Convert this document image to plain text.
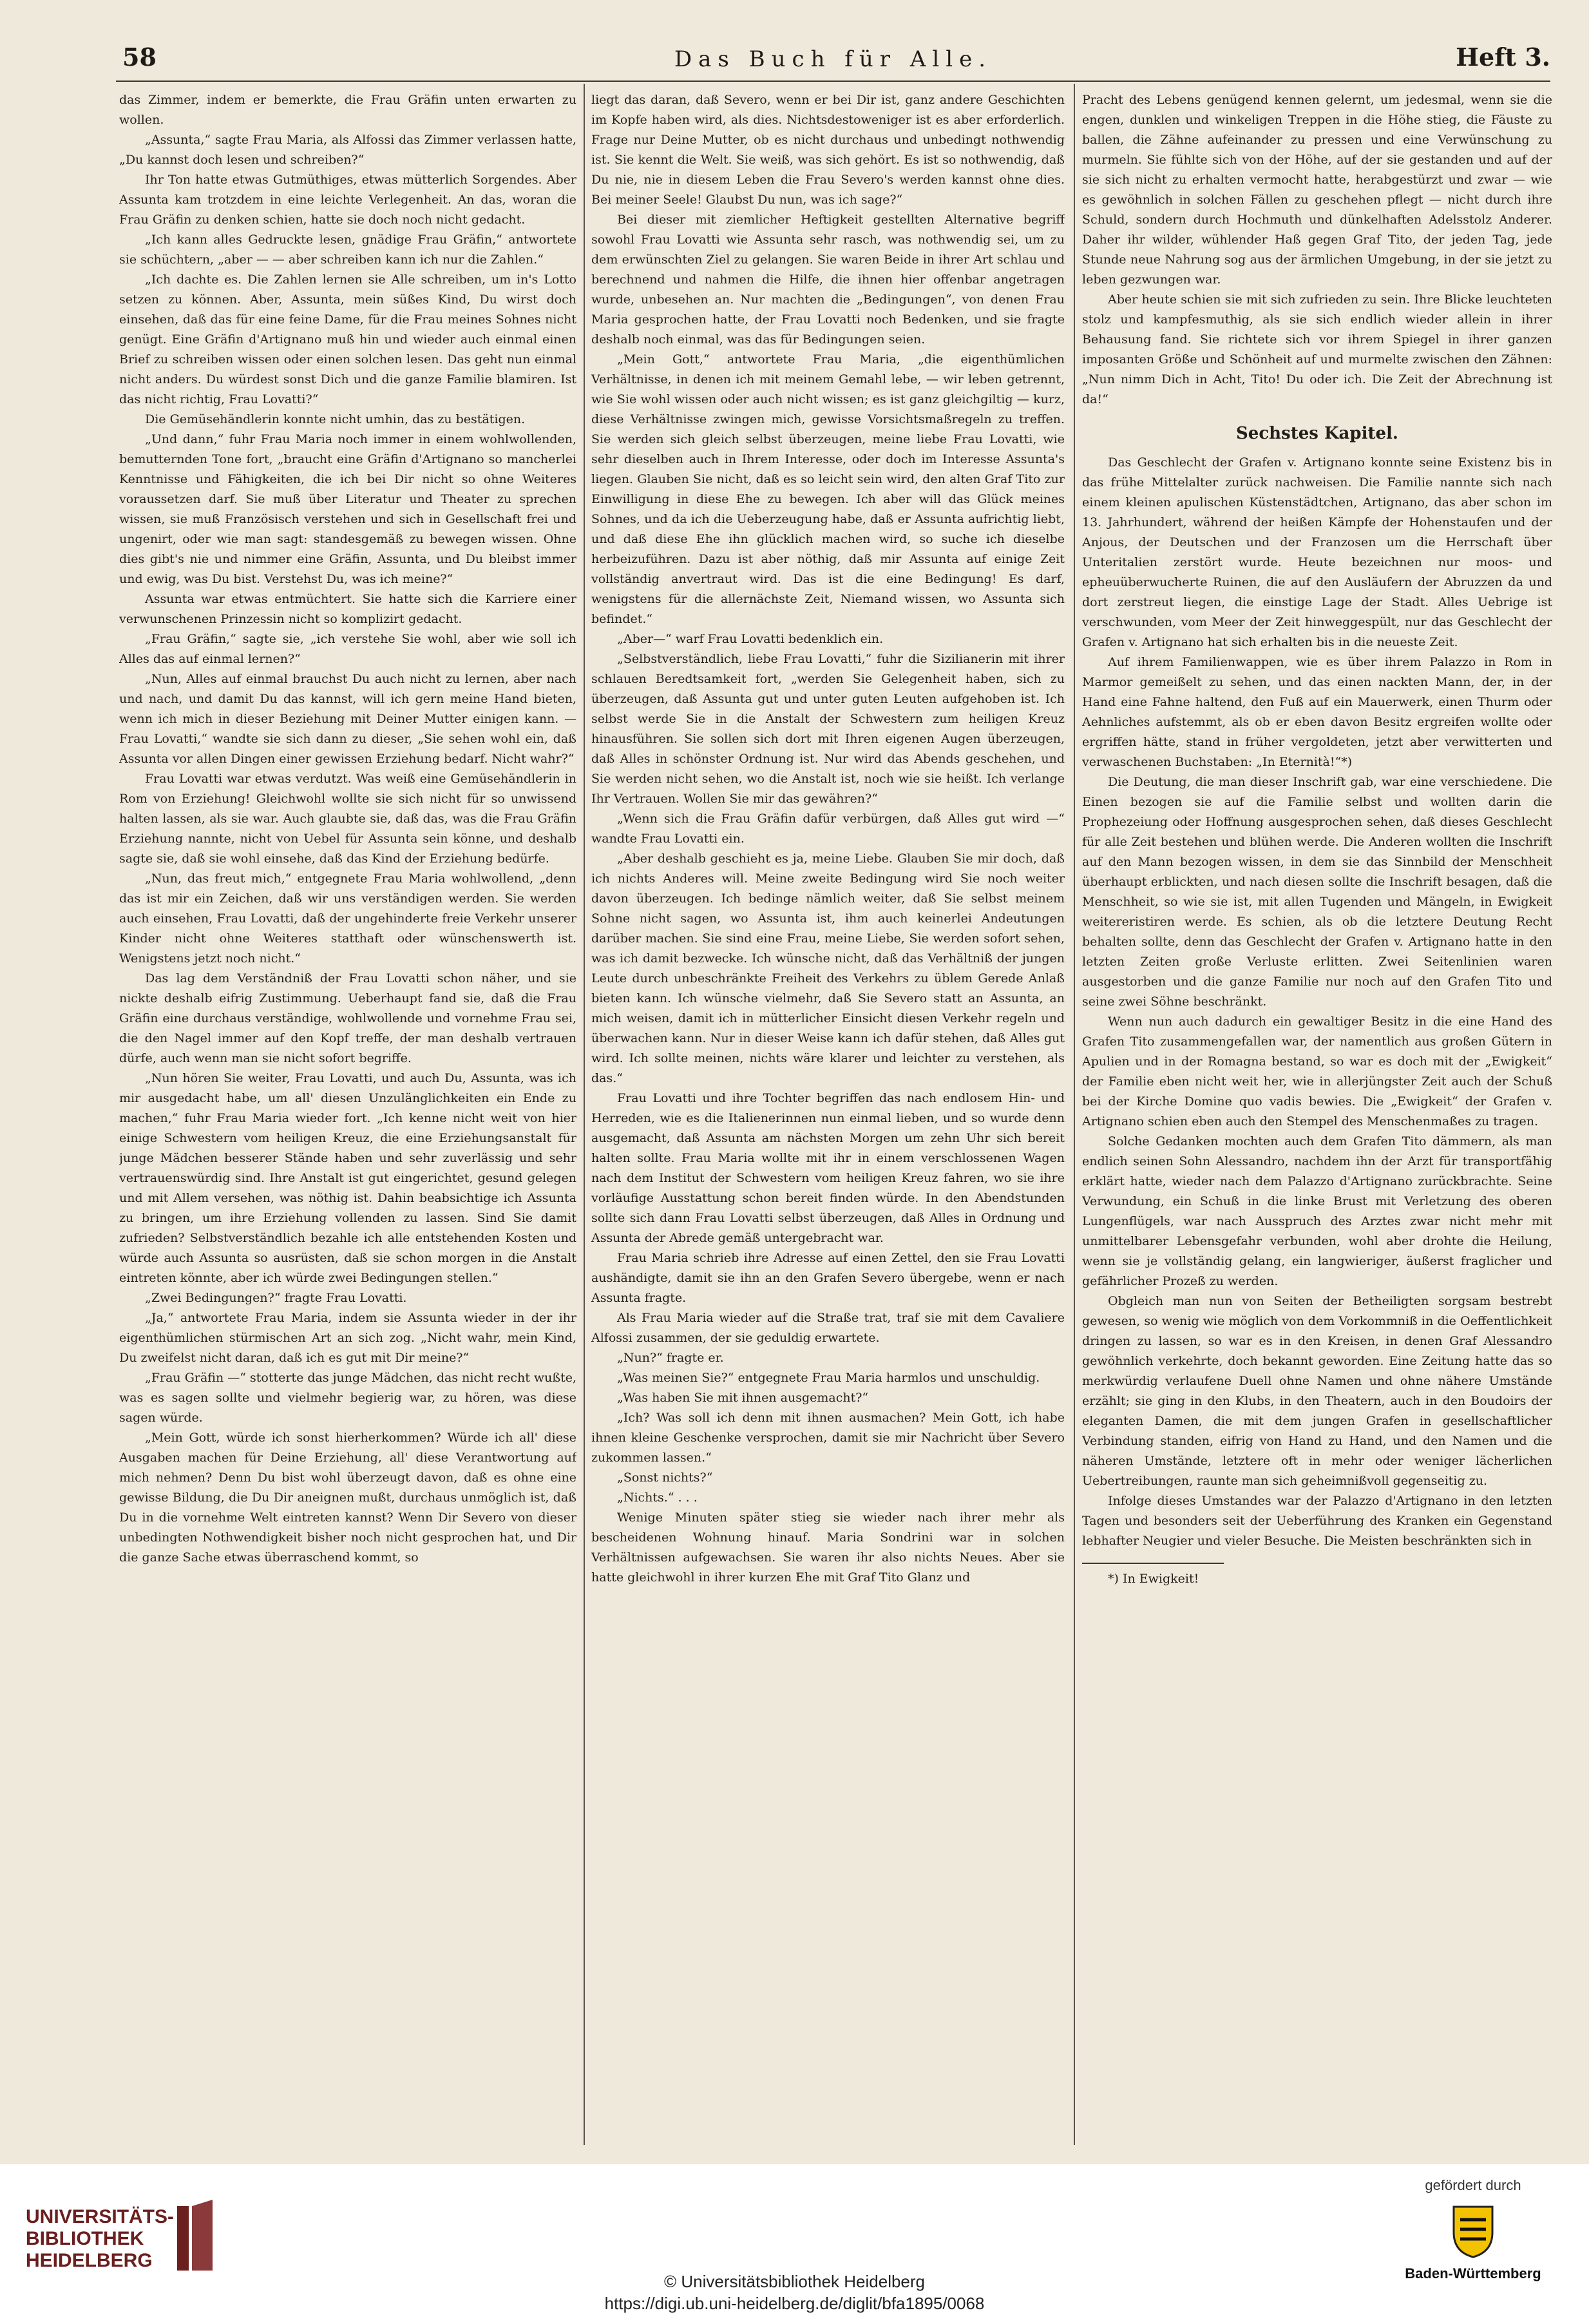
58	Das Buch für Alle.	Heft 3.

das Zimmer, indem er bemerkte, die Frau Gräfin unten erwarten zu wollen.

„Assunta,“ sagte Frau Maria, als Alfossi das Zimmer verlassen hatte, „Du kannst doch lesen und schreiben?“

Ihr Ton hatte etwas Gutmüthiges, etwas mütterlich Sorgendes. Aber Assunta kam trotzdem in eine leichte Verlegenheit. An das, woran die Frau Gräfin zu denken schien, hatte sie doch noch nicht gedacht.

„Ich kann alles Gedruckte lesen, gnädige Frau Gräfin,“ antwortete sie schüchtern, „aber — — aber schreiben kann ich nur die Zahlen.“

„Ich dachte es. Die Zahlen lernen sie Alle schreiben, um in's Lotto setzen zu können. Aber, Assunta, mein süßes Kind, Du wirst doch einsehen, daß das für eine feine Dame, für die Frau meines Sohnes nicht genügt. Eine Gräfin d'Artignano muß hin und wieder auch einmal einen Brief zu schreiben wissen oder einen solchen lesen. Das geht nun einmal nicht anders. Du würdest sonst Dich und die ganze Familie blamiren. Ist das nicht richtig, Frau Lovatti?“

Die Gemüsehändlerin konnte nicht umhin, das zu bestätigen.

„Und dann,“ fuhr Frau Maria noch immer in einem wohlwollenden, bemutternden Tone fort, „braucht eine Gräfin d'Artignano so mancherlei Kenntnisse und Fähigkeiten, die ich bei Dir nicht so ohne Weiteres voraussetzen darf. Sie muß über Literatur und Theater zu sprechen wissen, sie muß Französisch verstehen und sich in Gesellschaft frei und ungenirt, oder wie man sagt: standesgemäß zu bewegen wissen. Ohne dies gibt's nie und nimmer eine Gräfin, Assunta, und Du bleibst immer und ewig, was Du bist. Verstehst Du, was ich meine?“

Assunta war etwas entmüchtert. Sie hatte sich die Karriere einer verwunschenen Prinzessin nicht so komplizirt gedacht.

„Frau Gräfin,“ sagte sie, „ich verstehe Sie wohl, aber wie soll ich Alles das auf einmal lernen?“

„Nun, Alles auf einmal brauchst Du auch nicht zu lernen, aber nach und nach, und damit Du das kannst, will ich gern meine Hand bieten, wenn ich mich in dieser Beziehung mit Deiner Mutter einigen kann. — Frau Lovatti,“ wandte sie sich dann zu dieser, „Sie sehen wohl ein, daß Assunta vor allen Dingen einer gewissen Erziehung bedarf. Nicht wahr?“

Frau Lovatti war etwas verdutzt. Was weiß eine Gemüsehändlerin in Rom von Erziehung! Gleichwohl wollte sie sich nicht für so unwissend halten lassen, als sie war. Auch glaubte sie, daß das, was die Frau Gräfin Erziehung nannte, nicht von Uebel für Assunta sein könne, und deshalb sagte sie, daß sie wohl einsehe, daß das Kind der Erziehung bedürfe.

„Nun, das freut mich,“ entgegnete Frau Maria wohlwollend, „denn das ist mir ein Zeichen, daß wir uns verständigen werden. Sie werden auch einsehen, Frau Lovatti, daß der ungehinderte freie Verkehr unserer Kinder nicht ohne Weiteres statthaft oder wünschenswerth ist. Wenigstens jetzt noch nicht.“

Das lag dem Verständniß der Frau Lovatti schon näher, und sie nickte deshalb eifrig Zustimmung. Ueberhaupt fand sie, daß die Frau Gräfin eine durchaus verständige, wohlwollende und vornehme Frau sei, die den Nagel immer auf den Kopf treffe, der man deshalb vertrauen dürfe, auch wenn man sie nicht sofort begriffe.

„Nun hören Sie weiter, Frau Lovatti, und auch Du, Assunta, was ich mir ausgedacht habe, um all' diesen Unzulänglichkeiten ein Ende zu machen,“ fuhr Frau Maria wieder fort. „Ich kenne nicht weit von hier einige Schwestern vom heiligen Kreuz, die eine Erziehungsanstalt für junge Mädchen besserer Stände haben und sehr zuverlässig und sehr vertrauenswürdig sind. Ihre Anstalt ist gut eingerichtet, gesund gelegen und mit Allem versehen, was nöthig ist. Dahin beabsichtige ich Assunta zu bringen, um ihre Erziehung vollenden zu lassen. Sind Sie damit zufrieden? Selbstverständlich bezahle ich alle entstehenden Kosten und würde auch Assunta so ausrüsten, daß sie schon morgen in die Anstalt eintreten könnte, aber ich würde zwei Bedingungen stellen.“

„Zwei Bedingungen?“ fragte Frau Lovatti.

„Ja,“ antwortete Frau Maria, indem sie Assunta wieder in der ihr eigenthümlichen stürmischen Art an sich zog. „Nicht wahr, mein Kind, Du zweifelst nicht daran, daß ich es gut mit Dir meine?“

„Frau Gräfin —“ stotterte das junge Mädchen, das nicht recht wußte, was es sagen sollte und vielmehr begierig war, zu hören, was diese sagen würde.

„Mein Gott, würde ich sonst hierherkommen? Würde ich all' diese Ausgaben machen für Deine Erziehung, all' diese Verantwortung auf mich nehmen? Denn Du bist wohl überzeugt davon, daß es ohne eine gewisse Bildung, die Du Dir aneignen mußt, durchaus unmöglich ist, daß Du in die vornehme Welt eintreten kannst? Wenn Dir Severo von dieser unbedingten Nothwendigkeit bisher noch nicht gesprochen hat, und Dir die ganze Sache etwas überraschend kommt, so

liegt das daran, daß Severo, wenn er bei Dir ist, ganz andere Geschichten im Kopfe haben wird, als dies. Nichtsdestoweniger ist es aber erforderlich. Frage nur Deine Mutter, ob es nicht durchaus und unbedingt nothwendig ist. Sie kennt die Welt. Sie weiß, was sich gehört. Es ist so nothwendig, daß Du nie, nie in diesem Leben die Frau Severo's werden kannst ohne dies. Bei meiner Seele! Glaubst Du nun, was ich sage?“

Bei dieser mit ziemlicher Heftigkeit gestellten Alternative begriff sowohl Frau Lovatti wie Assunta sehr rasch, was nothwendig sei, um zu dem erwünschten Ziel zu gelangen. Sie waren Beide in ihrer Art schlau und berechnend und nahmen die Hilfe, die ihnen hier offenbar angetragen wurde, unbesehen an. Nur machten die „Bedingungen“, von denen Frau Maria gesprochen hatte, der Frau Lovatti noch Bedenken, und sie fragte deshalb noch einmal, was das für Bedingungen seien.

„Mein Gott,“ antwortete Frau Maria, „die eigenthümlichen Verhältnisse, in denen ich mit meinem Gemahl lebe, — wir leben getrennt, wie Sie wohl wissen oder auch nicht wissen; es ist ganz gleichgiltig — kurz, diese Verhältnisse zwingen mich, gewisse Vorsichtsmaßregeln zu treffen. Sie werden sich gleich selbst überzeugen, meine liebe Frau Lovatti, wie sehr dieselben auch in Ihrem Interesse, oder doch im Interesse Assunta's liegen. Glauben Sie nicht, daß es so leicht sein wird, den alten Graf Tito zur Einwilligung in diese Ehe zu bewegen. Ich aber will das Glück meines Sohnes, und da ich die Ueberzeugung habe, daß er Assunta aufrichtig liebt, und daß diese Ehe ihn glücklich machen wird, so suche ich dieselbe herbeizuführen. Dazu ist aber nöthig, daß mir Assunta auf einige Zeit vollständig anvertraut wird. Das ist die eine Bedingung! Es darf, wenigstens für die allernächste Zeit, Niemand wissen, wo Assunta sich befindet.“

„Aber—“ warf Frau Lovatti bedenklich ein.

„Selbstverständlich, liebe Frau Lovatti,“ fuhr die Sizilianerin mit ihrer schlauen Beredtsamkeit fort, „werden Sie Gelegenheit haben, sich zu überzeugen, daß Assunta gut und unter guten Leuten aufgehoben ist. Ich selbst werde Sie in die Anstalt der Schwestern zum heiligen Kreuz hinausführen. Sie sollen sich dort mit Ihren eigenen Augen überzeugen, daß Alles in schönster Ordnung ist. Nur wird das Abends geschehen, und Sie werden nicht sehen, wo die Anstalt ist, noch wie sie heißt. Ich verlange Ihr Vertrauen. Wollen Sie mir das gewähren?“

„Wenn sich die Frau Gräfin dafür verbürgen, daß Alles gut wird —“ wandte Frau Lovatti ein.

„Aber deshalb geschieht es ja, meine Liebe. Glauben Sie mir doch, daß ich nichts Anderes will. Meine zweite Bedingung wird Sie noch weiter davon überzeugen. Ich bedinge nämlich weiter, daß Sie selbst meinem Sohne nicht sagen, wo Assunta ist, ihm auch keinerlei Andeutungen darüber machen. Sie sind eine Frau, meine Liebe, Sie werden sofort sehen, was ich damit bezwecke. Ich wünsche nicht, daß das Verhältniß der jungen Leute durch unbeschränkte Freiheit des Verkehrs zu üblem Gerede Anlaß bieten kann. Ich wünsche vielmehr, daß Sie Severo statt an Assunta, an mich weisen, damit ich in mütterlicher Einsicht diesen Verkehr regeln und überwachen kann. Nur in dieser Weise kann ich dafür stehen, daß Alles gut wird. Ich sollte meinen, nichts wäre klarer und leichter zu verstehen, als das.“

Frau Lovatti und ihre Tochter begriffen das nach endlosem Hin- und Herreden, wie es die Italienerinnen nun einmal lieben, und so wurde denn ausgemacht, daß Assunta am nächsten Morgen um zehn Uhr sich bereit halten sollte. Frau Maria wollte mit ihr in einem verschlossenen Wagen nach dem Institut der Schwestern vom heiligen Kreuz fahren, wo sie ihre vorläufige Ausstattung schon bereit finden würde. In den Abendstunden sollte sich dann Frau Lovatti selbst überzeugen, daß Alles in Ordnung und Assunta der Abrede gemäß untergebracht war.

Frau Maria schrieb ihre Adresse auf einen Zettel, den sie Frau Lovatti aushändigte, damit sie ihn an den Grafen Severo übergebe, wenn er nach Assunta fragte.

Als Frau Maria wieder auf die Straße trat, traf sie mit dem Cavaliere Alfossi zusammen, der sie geduldig erwartete.

„Nun?“ fragte er.

„Was meinen Sie?“ entgegnete Frau Maria harmlos und unschuldig.

„Was haben Sie mit ihnen ausgemacht?“

„Ich? Was soll ich denn mit ihnen ausmachen? Mein Gott, ich habe ihnen kleine Geschenke versprochen, damit sie mir Nachricht über Severo zukommen lassen.“

„Sonst nichts?“

„Nichts.“ . . .

Wenige Minuten später stieg sie wieder nach ihrer mehr als bescheidenen Wohnung hinauf. Maria Sondrini war in solchen Verhältnissen aufgewachsen. Sie waren ihr also nichts Neues. Aber sie hatte gleichwohl in ihrer kurzen Ehe mit Graf Tito Glanz und

Pracht des Lebens genügend kennen gelernt, um jedesmal, wenn sie die engen, dunklen und winkeligen Treppen in die Höhe stieg, die Fäuste zu ballen, die Zähne aufeinander zu pressen und eine Verwünschung zu murmeln. Sie fühlte sich von der Höhe, auf der sie gestanden und auf der sie sich nicht zu erhalten vermocht hatte, herabgestürzt und zwar — wie es gewöhnlich in solchen Fällen zu geschehen pflegt — nicht durch ihre Schuld, sondern durch Hochmuth und dünkelhaften Adelsstolz Anderer. Daher ihr wilder, wühlender Haß gegen Graf Tito, der jeden Tag, jede Stunde neue Nahrung sog aus der ärmlichen Umgebung, in der sie jetzt zu leben gezwungen war.

Aber heute schien sie mit sich zufrieden zu sein. Ihre Blicke leuchteten stolz und kampfesmuthig, als sie sich endlich wieder allein in ihrer Behausung fand. Sie richtete sich vor ihrem Spiegel in ihrer ganzen imposanten Größe und Schönheit auf und murmelte zwischen den Zähnen: „Nun nimm Dich in Acht, Tito! Du oder ich. Die Zeit der Abrechnung ist da!“

Sechstes Kapitel.

Das Geschlecht der Grafen v. Artignano konnte seine Existenz bis in das frühe Mittelalter zurück nachweisen. Die Familie nannte sich nach einem kleinen apulischen Küstenstädtchen, Artignano, das aber schon im 13. Jahrhundert, während der heißen Kämpfe der Hohenstaufen und der Anjous, der Deutschen und der Franzosen um die Herrschaft über Unteritalien zerstört wurde. Heute bezeichnen nur moos- und epheuüberwucherte Ruinen, die auf den Ausläufern der Abruzzen da und dort zerstreut liegen, die einstige Lage der Stadt. Alles Uebrige ist verschwunden, vom Meer der Zeit hinweggespült, nur das Geschlecht der Grafen v. Artignano hat sich erhalten bis in die neueste Zeit.

Auf ihrem Familienwappen, wie es über ihrem Palazzo in Rom in Marmor gemeißelt zu sehen, und das einen nackten Mann, der, in der Hand eine Fahne haltend, den Fuß auf ein Mauerwerk, einen Thurm oder Aehnliches aufstemmt, als ob er eben davon Besitz ergreifen wollte oder ergriffen hätte, stand in früher vergoldeten, jetzt aber verwitterten und verwaschenen Buchstaben: „In Eternità!“*)

Die Deutung, die man dieser Inschrift gab, war eine verschiedene. Die Einen bezogen sie auf die Familie selbst und wollten darin die Prophezeiung oder Hoffnung ausgesprochen sehen, daß dieses Geschlecht für alle Zeit bestehen und blühen werde. Die Anderen wollten die Inschrift auf den Mann bezogen wissen, in dem sie das Sinnbild der Menschheit überhaupt erblickten, und nach diesen sollte die Inschrift besagen, daß die Menschheit, so wie sie ist, mit allen Tugenden und Mängeln, in Ewigkeit weitereristiren werde. Es schien, als ob die letztere Deutung Recht behalten sollte, denn das Geschlecht der Grafen v. Artignano hatte in den letzten Zeiten große Verluste erlitten. Zwei Seitenlinien waren ausgestorben und die ganze Familie nur noch auf den Grafen Tito und seine zwei Söhne beschränkt.

Wenn nun auch dadurch ein gewaltiger Besitz in die eine Hand des Grafen Tito zusammengefallen war, der namentlich aus großen Gütern in Apulien und in der Romagna bestand, so war es doch mit der „Ewigkeit“ der Familie eben nicht weit her, wie in allerjüngster Zeit auch der Schuß bei der Kirche Domine quo vadis bewies. Die „Ewigkeit“ der Grafen v. Artignano schien eben auch den Stempel des Menschenmaßes zu tragen.

Solche Gedanken mochten auch dem Grafen Tito dämmern, als man endlich seinen Sohn Alessandro, nachdem ihn der Arzt für transportfähig erklärt hatte, wieder nach dem Palazzo d'Artignano zurückbrachte. Seine Verwundung, ein Schuß in die linke Brust mit Verletzung des oberen Lungenflügels, war nach Ausspruch des Arztes zwar nicht mehr mit unmittelbarer Lebensgefahr verbunden, wohl aber drohte die Heilung, wenn sie je vollständig gelang, ein langwieriger, äußerst fraglicher und gefährlicher Prozeß zu werden.

Obgleich man nun von Seiten der Betheiligten sorgsam bestrebt gewesen, so wenig wie möglich von dem Vorkommniß in die Oeffentlichkeit dringen zu lassen, so war es in den Kreisen, in denen Graf Alessandro gewöhnlich verkehrte, doch bekannt geworden. Eine Zeitung hatte das so merkwürdig verlaufene Duell ohne Namen und ohne nähere Umstände erzählt; sie ging in den Klubs, in den Theatern, auch in den Boudoirs der eleganten Damen, die mit dem jungen Grafen in gesellschaftlicher Verbindung standen, eifrig von Hand zu Hand, und den Namen und die näheren Umstände, letztere oft in mehr oder weniger lächerlichen Uebertreibungen, raunte man sich geheimnißvoll gegenseitig zu.

Infolge dieses Umstandes war der Palazzo d'Artignano in den letzten Tagen und besonders seit der Ueberführung des Kranken ein Gegenstand lebhafter Neugier und vieler Besuche. Die Meisten beschränkten sich in

*) In Ewigkeit!

UNIVERSITÄTS-
BIBLIOTHEK
HEIDELBERG
© Universitätsbibliothek Heidelberg
https://digi.ub.uni-heidelberg.de/diglit/bfa1895/0068
gefördert durch
Baden-Württemberg
